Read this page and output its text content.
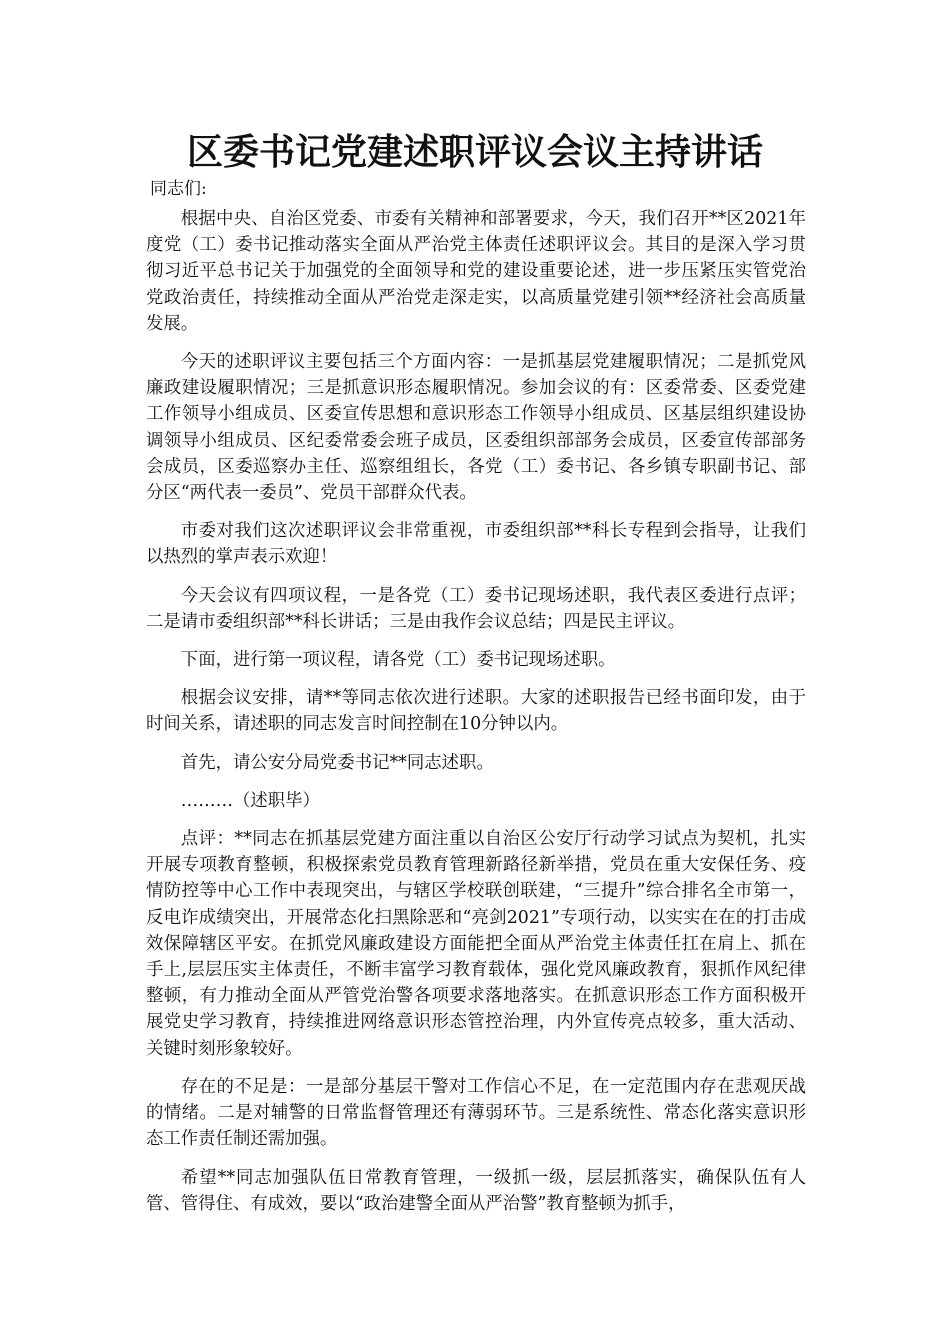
区委书记党建述职评议会议主持讲话

同志们:

根据中央、自治区党委、市委有关精神和部署要求，今天，我们召开**区2021年度党（工）委书记推动落实全面从严治党主体责任述职评议会。其目的是深入学习贯彻习近平总书记关于加强党的全面领导和党的建设重要论述，进一步压紧压实管党治党政治责任，持续推动全面从严治党走深走实，以高质量党建引领**经济社会高质量发展。

今天的述职评议主要包括三个方面内容：一是抓基层党建履职情况；二是抓党风廉政建设履职情况；三是抓意识形态履职情况。参加会议的有：区委常委、区委党建工作领导小组成员、区委宣传思想和意识形态工作领导小组成员、区基层组织建设协调领导小组成员、区纪委常委会班子成员，区委组织部部务会成员，区委宣传部部务会成员，区委巡察办主任、巡察组组长，各党（工）委书记、各乡镇专职副书记、部分区“两代表一委员”、党员干部群众代表。

市委对我们这次述职评议会非常重视，市委组织部**科长专程到会指导，让我们以热烈的掌声表示欢迎！

今天会议有四项议程，一是各党（工）委书记现场述职，我代表区委进行点评；二是请市委组织部**科长讲话；三是由我作会议总结；四是民主评议。

下面，进行第一项议程，请各党（工）委书记现场述职。

根据会议安排，请**等同志依次进行述职。大家的述职报告已经书面印发，由于时间关系，请述职的同志发言时间控制在10分钟以内。

首先，请公安分局党委书记**同志述职。

………（述职毕）

点评：**同志在抓基层党建方面注重以自治区公安厅行动学习试点为契机，扎实开展专项教育整顿，积极探索党员教育管理新路径新举措，党员在重大安保任务、疫情防控等中心工作中表现突出，与辖区学校联创联建，“三提升”综合排名全市第一，反电诈成绩突出，开展常态化扫黑除恶和“亮剑2021”专项行动，以实实在在的打击成效保障辖区平安。在抓党风廉政建设方面能把全面从严治党主体责任扛在肩上、抓在手上,层层压实主体责任，不断丰富学习教育载体，强化党风廉政教育，狠抓作风纪律整顿，有力推动全面从严管党治警各项要求落地落实。在抓意识形态工作方面积极开展党史学习教育，持续推进网络意识形态管控治理，内外宣传亮点较多，重大活动、关键时刻形象较好。

存在的不足是：一是部分基层干警对工作信心不足，在一定范围内存在悲观厌战的情绪。二是对辅警的日常监督管理还有薄弱环节。三是系统性、常态化落实意识形态工作责任制还需加强。

希望**同志加强队伍日常教育管理，一级抓一级，层层抓落实，确保队伍有人管、管得住、有成效，要以“政治建警全面从严治警”教育整顿为抓手，
